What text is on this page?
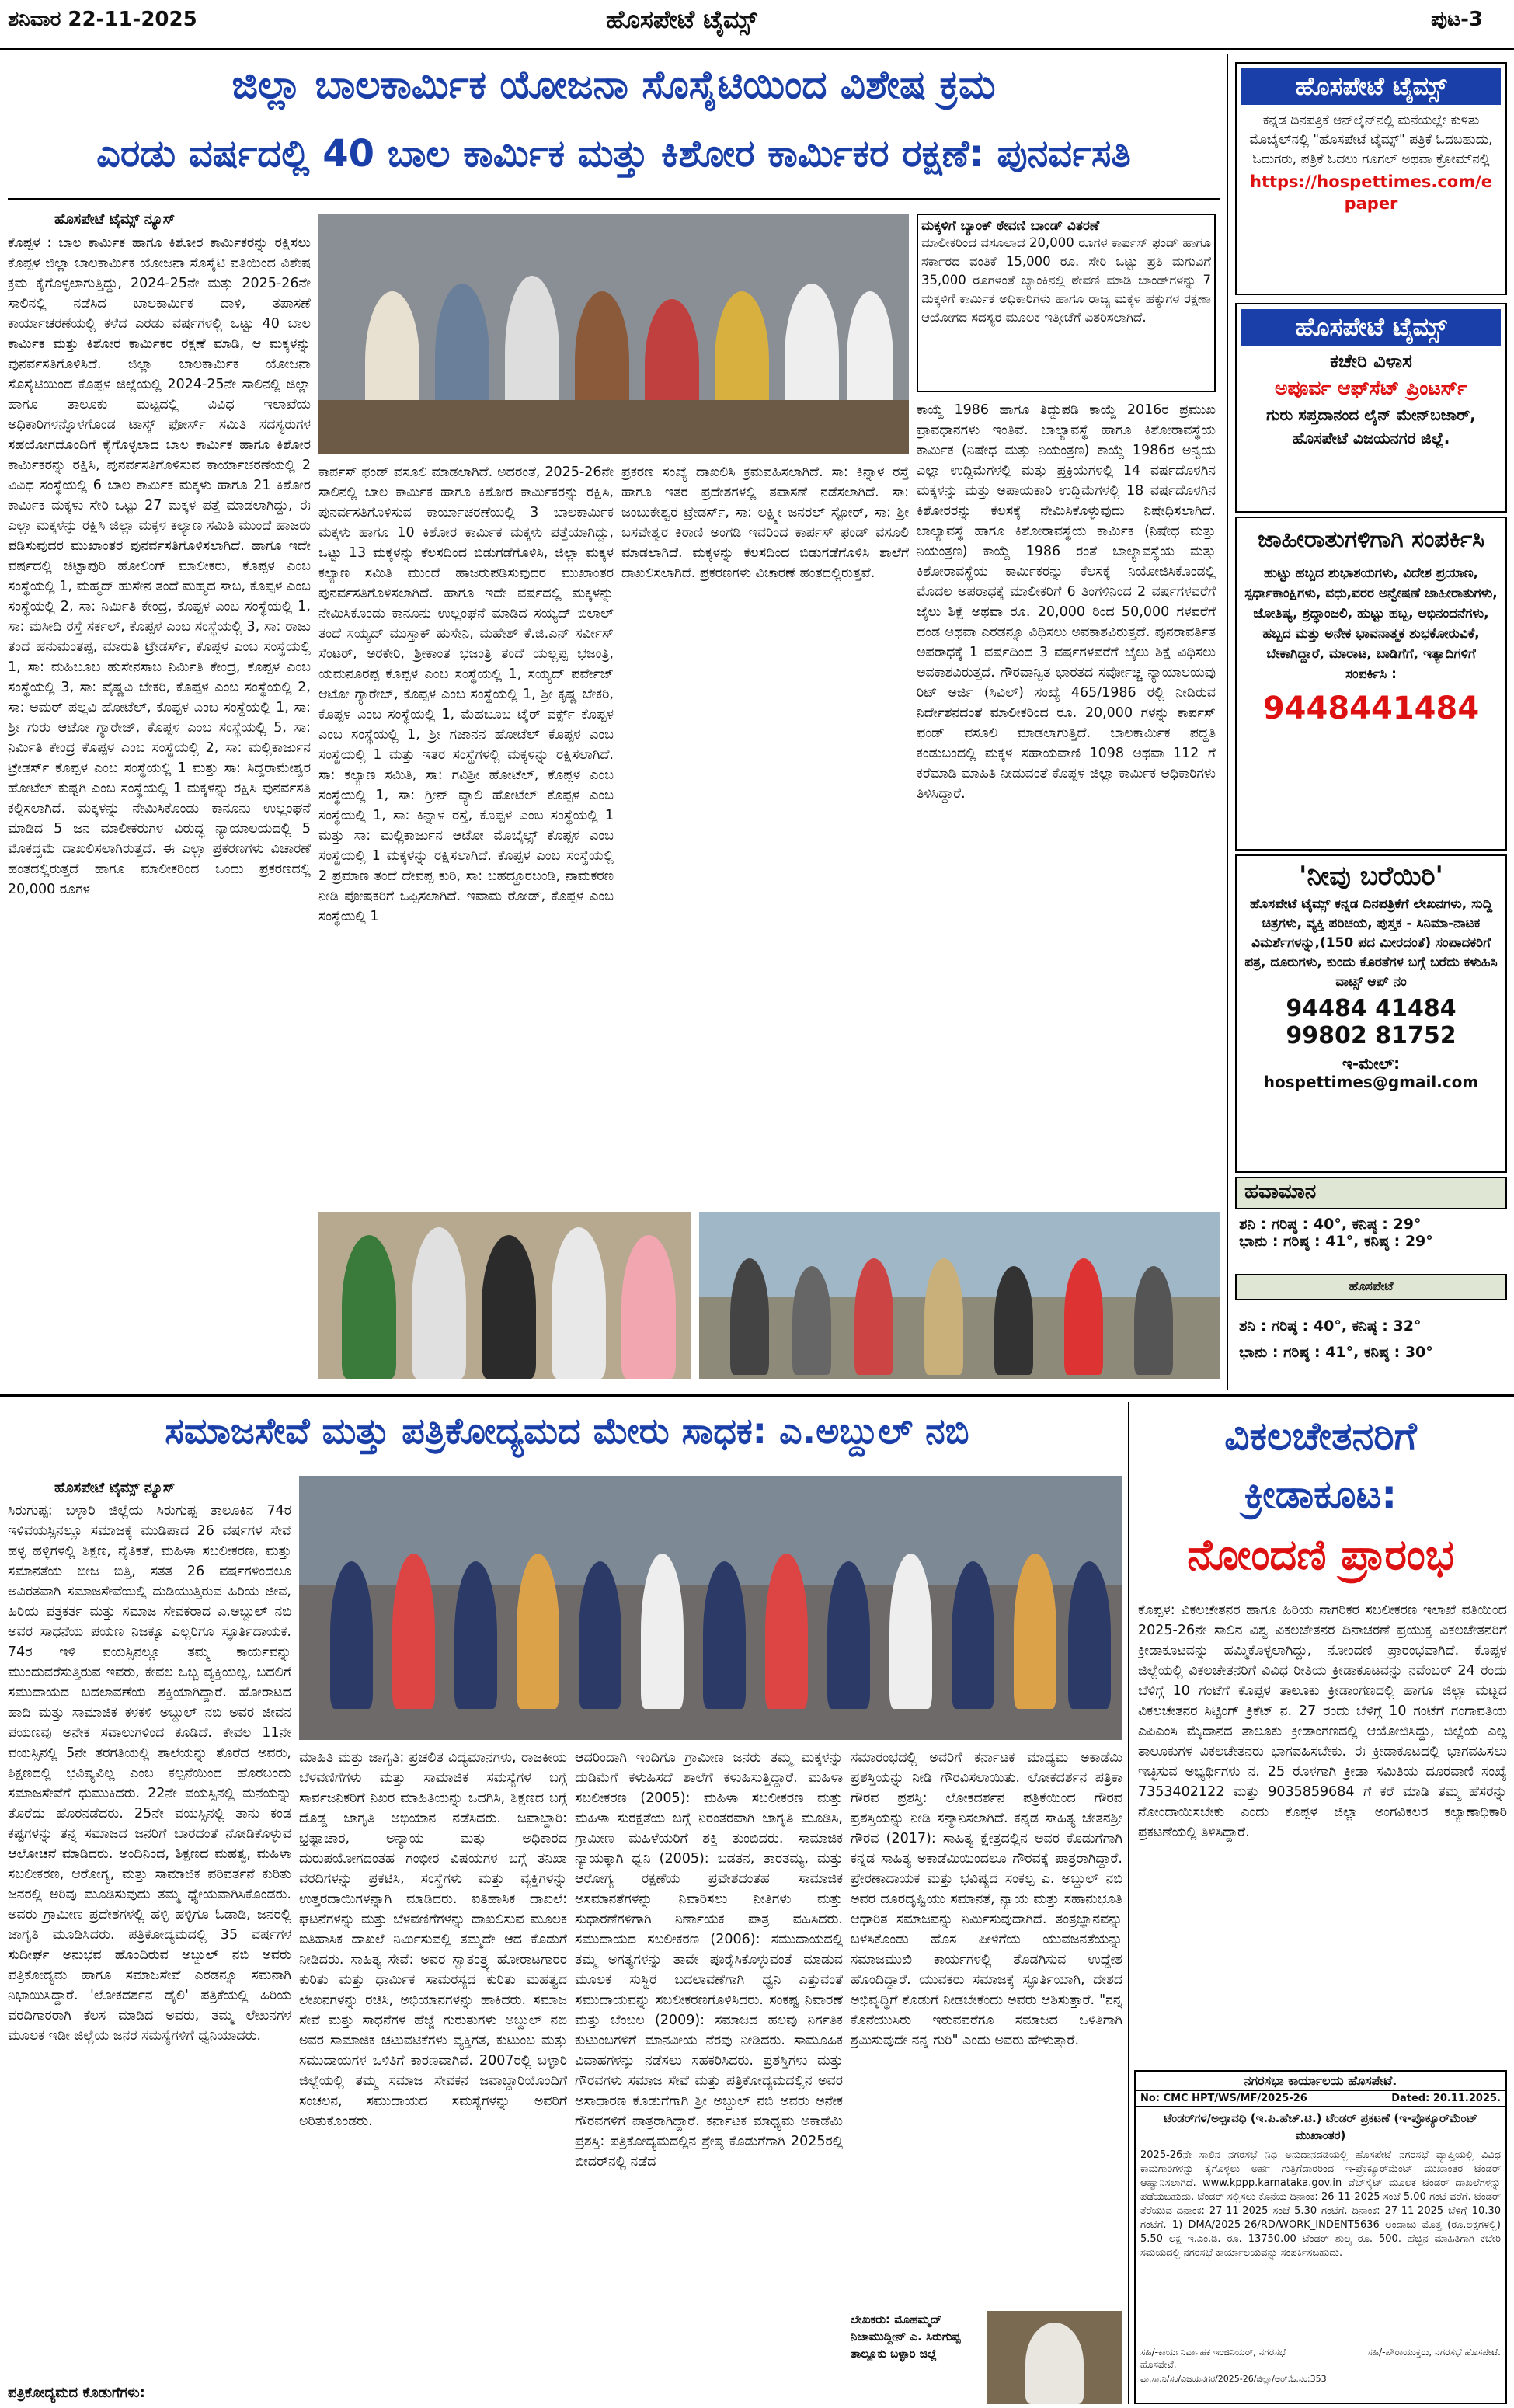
ಶನಿವಾರ 22-11-2025	ಹೊಸಪೇಟೆ ಟೈಮ್ಸ್	ಪುಟ-3
ಜಿಲ್ಲಾ ಬಾಲಕಾರ್ಮಿಕ ಯೋಜನಾ ಸೊಸೈಟಿಯಿಂದ ವಿಶೇಷ ಕ್ರಮ
ಎರಡು ವರ್ಷದಲ್ಲಿ 40 ಬಾಲ ಕಾರ್ಮಿಕ ಮತ್ತು ಕಿಶೋರ ಕಾರ್ಮಿಕರ ರಕ್ಷಣೆ: ಪುನರ್ವಸತಿ
ಹೊಸಪೇಟೆ ಟೈಮ್ಸ್ ನ್ಯೂಸ್
ಕೊಪ್ಪಳ : ಬಾಲ ಕಾರ್ಮಿಕ ಹಾಗೂ ಕಿಶೋರ ಕಾರ್ಮಿಕರನ್ನು ರಕ್ಷಿಸಲು ಕೊಪ್ಪಳ ಜಿಲ್ಲಾ ಬಾಲಕಾರ್ಮಿಕ ಯೋಜನಾ ಸೊಸೈಟಿ ವತಿಯಿಂದ ವಿಶೇಷ ಕ್ರಮ ಕೈಗೊಳ್ಳಲಾಗುತ್ತಿದ್ದು, 2024-25ನೇ ಮತ್ತು 2025-26ನೇ ಸಾಲಿನಲ್ಲಿ ನಡೆಸಿದ ಬಾಲಕಾರ್ಮಿಕ ದಾಳಿ, ತಪಾಸಣೆ ಕಾರ್ಯಾಚರಣೆಯಲ್ಲಿ ಕಳೆದ ಎರಡು ವರ್ಷಗಳಲ್ಲಿ ಒಟ್ಟು 40 ಬಾಲ ಕಾರ್ಮಿಕ ಮತ್ತು ಕಿಶೋರ ಕಾರ್ಮಿಕರ ರಕ್ಷಣೆ ಮಾಡಿ, ಆ ಮಕ್ಕಳನ್ನು ಪುನರ್ವಸತಿಗೊಳಿಸಿದೆ. ಜಿಲ್ಲಾ ಬಾಲಕಾರ್ಮಿಕ ಯೋಜನಾ ಸೊಸೈಟಿಯಿಂದ ಕೊಪ್ಪಳ ಜಿಲ್ಲೆಯಲ್ಲಿ 2024-25ನೇ ಸಾಲಿನಲ್ಲಿ ಜಿಲ್ಲಾ ಹಾಗೂ ತಾಲೂಕು ಮಟ್ಟದಲ್ಲಿ ವಿವಿಧ ಇಲಾಖೆಯ ಅಧಿಕಾರಿಗಳನ್ನೊಳಗೊಂಡ ಟಾಸ್ಕ್ ಫೋರ್ಸ್ ಸಮಿತಿ ಸದಸ್ಯರುಗಳ ಸಹಯೋಗದೊಂದಿಗೆ ಕೈಗೊಳ್ಳಲಾದ ಬಾಲ ಕಾರ್ಮಿಕ ಹಾಗೂ ಕಿಶೋರ ಕಾರ್ಮಿಕರನ್ನು ರಕ್ಷಿಸಿ, ಪುನರ್ವಸತಿಗೊಳಿಸುವ ಕಾರ್ಯಾಚರಣೆಯಲ್ಲಿ 2 ವಿವಿಧ ಸಂಸ್ಥೆಯಲ್ಲಿ 6 ಬಾಲ ಕಾರ್ಮಿಕ ಮಕ್ಕಳು ಹಾಗೂ 21 ಕಿಶೋರ ಕಾರ್ಮಿಕ ಮಕ್ಕಳು ಸೇರಿ ಒಟ್ಟು 27 ಮಕ್ಕಳ ಪತ್ತೆ ಮಾಡಲಾಗಿದ್ದು, ಈ ಎಲ್ಲಾ ಮಕ್ಕಳನ್ನು ರಕ್ಷಿಸಿ ಜಿಲ್ಲಾ ಮಕ್ಕಳ ಕಲ್ಯಾಣ ಸಮಿತಿ ಮುಂದೆ ಹಾಜರು ಪಡಿಸುವುದರ ಮುಖಾಂತರ ಪುನರ್ವಸತಿಗೊಳಿಸಲಾಗಿದೆ. ಹಾಗೂ ಇದೇ ವರ್ಷದಲ್ಲಿ ಚಿಟ್ಟಾಪುರಿ ಹೋಲಿಂಗ್ ಮಾಲೀಕರು, ಕೊಪ್ಪಳ ಎಂಬ ಸಂಸ್ಥೆಯಲ್ಲಿ 1, ಮಹ್ಮದ್ ಹುಸೇನ ತಂದೆ ಮಹ್ಮದ ಸಾಬ, ಕೊಪ್ಪಳ ಎಂಬ ಸಂಸ್ಥೆಯಲ್ಲಿ 2, ಸಾ: ನಿರ್ಮಿತಿ ಕೇಂದ್ರ, ಕೊಪ್ಪಳ ಎಂಬ ಸಂಸ್ಥೆಯಲ್ಲಿ 1, ಸಾ: ಮಸೀದಿ ರಸ್ತೆ ಸರ್ಕಲ್, ಕೊಪ್ಪಳ ಎಂಬ ಸಂಸ್ಥೆಯಲ್ಲಿ 3, ಸಾ: ರಾಜು ತಂದೆ ಹನುಮಂತಪ್ಪ, ಮಾರುತಿ ಟ್ರೇಡರ್ಸ್, ಕೊಪ್ಪಳ ಎಂಬ ಸಂಸ್ಥೆಯಲ್ಲಿ 1, ಸಾ: ಮಹಿಬೂಬ ಹುಸೇನಸಾಬ ನಿರ್ಮಿತಿ ಕೇಂದ್ರ, ಕೊಪ್ಪಳ ಎಂಬ ಸಂಸ್ಥೆಯಲ್ಲಿ 3, ಸಾ: ವೈಷ್ಣವಿ ಬೇಕರಿ, ಕೊಪ್ಪಳ ಎಂಬ ಸಂಸ್ಥೆಯಲ್ಲಿ 2, ಸಾ: ಅಮರ್ ಪಲ್ಲವಿ ಹೋಟೆಲ್, ಕೊಪ್ಪಳ ಎಂಬ ಸಂಸ್ಥೆಯಲ್ಲಿ 1, ಸಾ: ಶ್ರೀ ಗುರು ಆಟೋ ಗ್ಯಾರೇಜ್, ಕೊಪ್ಪಳ ಎಂಬ ಸಂಸ್ಥೆಯಲ್ಲಿ 5, ಸಾ: ನಿರ್ಮಿತಿ ಕೇಂದ್ರ ಕೊಪ್ಪಳ ಎಂಬ ಸಂಸ್ಥೆಯಲ್ಲಿ 2, ಸಾ: ಮಲ್ಲಿಕಾರ್ಜುನ ಟ್ರೇಡರ್ಸ್ ಕೊಪ್ಪಳ ಎಂಬ ಸಂಸ್ಥೆಯಲ್ಲಿ 1 ಮತ್ತು ಸಾ: ಸಿದ್ದರಾಮೇಶ್ವರ ಹೋಟೆಲ್ ಕುಷ್ಟಗಿ ಎಂಬ ಸಂಸ್ಥೆಯಲ್ಲಿ 1 ಮಕ್ಕಳನ್ನು ರಕ್ಷಿಸಿ ಪುನರ್ವಸತಿ ಕಲ್ಪಿಸಲಾಗಿದೆ. ಮಕ್ಕಳನ್ನು ನೇಮಿಸಿಕೊಂಡು ಕಾನೂನು ಉಲ್ಲಂಘನೆ ಮಾಡಿದ 5 ಜನ ಮಾಲೀಕರುಗಳ ವಿರುದ್ಧ ನ್ಯಾಯಾಲಯದಲ್ಲಿ 5 ಮೊಕದ್ದಮೆ ದಾಖಲಿಸಲಾಗಿರುತ್ತದೆ. ಈ ಎಲ್ಲಾ ಪ್ರಕರಣಗಳು ವಿಚಾರಣೆ ಹಂತದಲ್ಲಿರುತ್ತದೆ ಹಾಗೂ ಮಾಲೀಕರಿಂದ ಒಂದು ಪ್ರಕರಣದಲ್ಲಿ 20,000 ರೂಗಳ
ಕಾರ್ಪಸ್ ಫಂಡ್ ವಸೂಲಿ ಮಾಡಲಾಗಿದೆ. ಅದರಂತೆ, 2025-26ನೇ ಸಾಲಿನಲ್ಲಿ ಬಾಲ ಕಾರ್ಮಿಕ ಹಾಗೂ ಕಿಶೋರ ಕಾರ್ಮಿಕರನ್ನು ರಕ್ಷಿಸಿ, ಪುನರ್ವಸತಿಗೊಳಿಸುವ ಕಾರ್ಯಾಚರಣೆಯಲ್ಲಿ 3 ಬಾಲಕಾರ್ಮಿಕ ಮಕ್ಕಳು ಹಾಗೂ 10 ಕಿಶೋರ ಕಾರ್ಮಿಕ ಮಕ್ಕಳು ಪತ್ತೆಯಾಗಿದ್ದು, ಒಟ್ಟು 13 ಮಕ್ಕಳನ್ನು ಕೆಲಸದಿಂದ ಬಿಡುಗಡೆಗೊಳಿಸಿ, ಜಿಲ್ಲಾ ಮಕ್ಕಳ ಕಲ್ಯಾಣ ಸಮಿತಿ ಮುಂದೆ ಹಾಜರುಪಡಿಸುವುದರ ಮುಖಾಂತರ ಪುನರ್ವಸತಿಗೊಳಿಸಲಾಗಿದೆ. ಹಾಗೂ ಇದೇ ವರ್ಷದಲ್ಲಿ ಮಕ್ಕಳನ್ನು ನೇಮಿಸಿಕೊಂಡು ಕಾನೂನು ಉಲ್ಲಂಘನೆ ಮಾಡಿದ ಸಯ್ಯದ್ ಬಿಲಾಲ್ ತಂದೆ ಸಯ್ಯದ್ ಮುಸ್ತಾಕ್ ಹುಸೇನಿ, ಮಹೇಶ್ ಕೆ.ಜಿ.ಎನ್ ಸರ್ವೀಸ್ ಸೆಂಟರ್, ಅರಕೇರಿ, ಶ್ರೀಕಾಂತ ಭಜಂತ್ರಿ ತಂದೆ ಯಲ್ಲಪ್ಪ ಭಜಂತ್ರಿ, ಯಮನೂರಪ್ಪ ಕೊಪ್ಪಳ ಎಂಬ ಸಂಸ್ಥೆಯಲ್ಲಿ 1, ಸಯ್ಯದ್ ಪರ್ವೇಜ್ ಆಟೋ ಗ್ಯಾರೇಜ್, ಕೊಪ್ಪಳ ಎಂಬ ಸಂಸ್ಥೆಯಲ್ಲಿ 1, ಶ್ರೀ ಕೃಷ್ಣ ಬೇಕರಿ, ಕೊಪ್ಪಳ ಎಂಬ ಸಂಸ್ಥೆಯಲ್ಲಿ 1, ಮೆಹಬೂಬ ಟೈರ್ ವರ್ಕ್ಸ್ ಕೊಪ್ಪಳ ಎಂಬ ಸಂಸ್ಥೆಯಲ್ಲಿ 1, ಶ್ರೀ ಗಜಾನನ ಹೋಟೆಲ್ ಕೊಪ್ಪಳ ಎಂಬ ಸಂಸ್ಥೆಯಲ್ಲಿ 1 ಮತ್ತು ಇತರ ಸಂಸ್ಥೆಗಳಲ್ಲಿ ಮಕ್ಕಳನ್ನು ರಕ್ಷಿಸಲಾಗಿದೆ. ಸಾ: ಕಲ್ಯಾಣ ಸಮಿತಿ, ಸಾ: ಗವಿಶ್ರೀ ಹೋಟೆಲ್, ಕೊಪ್ಪಳ ಎಂಬ ಸಂಸ್ಥೆಯಲ್ಲಿ 1, ಸಾ: ಗ್ರೀನ್ ವ್ಯಾಲಿ ಹೋಟೆಲ್ ಕೊಪ್ಪಳ ಎಂಬ ಸಂಸ್ಥೆಯಲ್ಲಿ 1, ಸಾ: ಕಿನ್ನಾಳ ರಸ್ತೆ, ಕೊಪ್ಪಳ ಎಂಬ ಸಂಸ್ಥೆಯಲ್ಲಿ 1 ಮತ್ತು ಸಾ: ಮಲ್ಲಿಕಾರ್ಜುನ ಆಟೋ ಮೊಬೈಲ್ಸ್ ಕೊಪ್ಪಳ ಎಂಬ ಸಂಸ್ಥೆಯಲ್ಲಿ 1 ಮಕ್ಕಳನ್ನು ರಕ್ಷಿಸಲಾಗಿದೆ. ಕೊಪ್ಪಳ ಎಂಬ ಸಂಸ್ಥೆಯಲ್ಲಿ 2 ಪ್ರಮಾಣ ತಂದೆ ದೇವಪ್ಪ ಕುರಿ, ಸಾ: ಬಹದ್ದೂರಬಂಡಿ, ನಾಮಕರಣ ನೀಡಿ ಪೋಷಕರಿಗೆ ಒಪ್ಪಿಸಲಾಗಿದೆ. ಇವಾಮ ರೋಡ್, ಕೊಪ್ಪಳ ಎಂಬ ಸಂಸ್ಥೆಯಲ್ಲಿ 1
ಪ್ರಕರಣ ಸಂಖ್ಯೆ ದಾಖಲಿಸಿ ಕ್ರಮವಹಿಸಲಾಗಿದೆ. ಸಾ: ಕಿನ್ನಾಳ ರಸ್ತೆ ಹಾಗೂ ಇತರ ಪ್ರದೇಶಗಳಲ್ಲಿ ತಪಾಸಣೆ ನಡೆಸಲಾಗಿದೆ. ಸಾ: ಜಂಬುಕೇಶ್ವರ ಟ್ರೇಡರ್ಸ್, ಸಾ: ಲಕ್ಷ್ಮೀ ಜನರಲ್ ಸ್ಟೋರ್, ಸಾ: ಶ್ರೀ ಬಸವೇಶ್ವರ ಕಿರಾಣಿ ಅಂಗಡಿ ಇವರಿಂದ ಕಾರ್ಪಸ್ ಫಂಡ್ ವಸೂಲಿ ಮಾಡಲಾಗಿದೆ. ಮಕ್ಕಳನ್ನು ಕೆಲಸದಿಂದ ಬಿಡುಗಡೆಗೊಳಿಸಿ ಶಾಲೆಗೆ ದಾಖಲಿಸಲಾಗಿದೆ. ಪ್ರಕರಣಗಳು ವಿಚಾರಣೆ ಹಂತದಲ್ಲಿರುತ್ತವೆ.
ಮಕ್ಕಳಿಗೆ ಬ್ಯಾಂಕ್ ಠೇವಣಿ ಬಾಂಡ್ ವಿತರಣೆ
ಮಾಲೀಕರಿಂದ ವಸೂಲಾದ 20,000 ರೂಗಳ ಕಾರ್ಪಸ್ ಫಂಡ್ ಹಾಗೂ ಸರ್ಕಾರದ ವಂತಿಕೆ 15,000 ರೂ. ಸೇರಿ ಒಟ್ಟು ಪ್ರತಿ ಮಗುವಿಗೆ 35,000 ರೂಗಳಂತೆ ಬ್ಯಾಂಕಿನಲ್ಲಿ ಠೇವಣಿ ಮಾಡಿ ಬಾಂಡ್‌ಗಳನ್ನು 7 ಮಕ್ಕಳಿಗೆ ಕಾರ್ಮಿಕ ಅಧಿಕಾರಿಗಳು ಹಾಗೂ ರಾಜ್ಯ ಮಕ್ಕಳ ಹಕ್ಕುಗಳ ರಕ್ಷಣಾ ಆಯೋಗದ ಸದಸ್ಯರ ಮೂಲಕ ಇತ್ತೀಚೆಗೆ ವಿತರಿಸಲಾಗಿದೆ.
ಕಾಯ್ದೆ 1986 ಹಾಗೂ ತಿದ್ದುಪಡಿ ಕಾಯ್ದೆ 2016ರ ಪ್ರಮುಖ ಪ್ರಾವಧಾನಗಳು ಇಂತಿವೆ. ಬಾಲ್ಯಾವಸ್ಥೆ ಹಾಗೂ ಕಿಶೋರಾವಸ್ಥೆಯ ಕಾರ್ಮಿಕ (ನಿಷೇಧ ಮತ್ತು ನಿಯಂತ್ರಣ) ಕಾಯ್ದೆ 1986ರ ಅನ್ವಯ ಎಲ್ಲಾ ಉದ್ದಿಮೆಗಳಲ್ಲಿ ಮತ್ತು ಪ್ರಕ್ರಿಯೆಗಳಲ್ಲಿ 14 ವರ್ಷದೊಳಗಿನ ಮಕ್ಕಳನ್ನು ಮತ್ತು ಅಪಾಯಕಾರಿ ಉದ್ದಿಮೆಗಳಲ್ಲಿ 18 ವರ್ಷದೊಳಗಿನ ಕಿಶೋರರನ್ನು ಕೆಲಸಕ್ಕೆ ನೇಮಿಸಿಕೊಳ್ಳುವುದು ನಿಷೇಧಿಸಲಾಗಿದೆ. ಬಾಲ್ಯಾವಸ್ಥೆ ಹಾಗೂ ಕಿಶೋರಾವಸ್ಥೆಯ ಕಾರ್ಮಿಕ (ನಿಷೇಧ ಮತ್ತು ನಿಯಂತ್ರಣ) ಕಾಯ್ದೆ 1986 ರಂತೆ ಬಾಲ್ಯಾವಸ್ಥೆಯ ಮತ್ತು ಕಿಶೋರಾವಸ್ಥೆಯ ಕಾರ್ಮಿಕರನ್ನು ಕೆಲಸಕ್ಕೆ ನಿಯೋಜಿಸಿಕೊಂಡಲ್ಲಿ ಮೊದಲ ಅಪರಾಧಕ್ಕೆ ಮಾಲೀಕರಿಗೆ 6 ತಿಂಗಳಿನಿಂದ 2 ವರ್ಷಗಳವರೆಗೆ ಜೈಲು ಶಿಕ್ಷೆ ಅಥವಾ ರೂ. 20,000 ರಿಂದ 50,000 ಗಳವರೆಗೆ ದಂಡ ಅಥವಾ ಎರಡನ್ನೂ ವಿಧಿಸಲು ಅವಕಾಶವಿರುತ್ತದೆ. ಪುನರಾವರ್ತಿತ ಅಪರಾಧಕ್ಕೆ 1 ವರ್ಷದಿಂದ 3 ವರ್ಷಗಳವರೆಗೆ ಜೈಲು ಶಿಕ್ಷೆ ವಿಧಿಸಲು ಅವಕಾಶವಿರುತ್ತದೆ. ಗೌರವಾನ್ವಿತ ಭಾರತದ ಸರ್ವೋಚ್ಚ ನ್ಯಾಯಾಲಯವು ರಿಟ್ ಅರ್ಜಿ (ಸಿವಿಲ್) ಸಂಖ್ಯೆ 465/1986 ರಲ್ಲಿ ನೀಡಿರುವ ನಿರ್ದೇಶನದಂತೆ ಮಾಲೀಕರಿಂದ ರೂ. 20,000 ಗಳನ್ನು ಕಾರ್ಪಸ್ ಫಂಡ್ ವಸೂಲಿ ಮಾಡಲಾಗುತ್ತಿದೆ. ಬಾಲಕಾರ್ಮಿಕ ಪದ್ಧತಿ ಕಂಡುಬಂದಲ್ಲಿ ಮಕ್ಕಳ ಸಹಾಯವಾಣಿ 1098 ಅಥವಾ 112 ಗೆ ಕರೆಮಾಡಿ ಮಾಹಿತಿ ನೀಡುವಂತೆ ಕೊಪ್ಪಳ ಜಿಲ್ಲಾ ಕಾರ್ಮಿಕ ಅಧಿಕಾರಿಗಳು ತಿಳಿಸಿದ್ದಾರೆ.
ಹೊಸಪೇಟೆ ಟೈಮ್ಸ್
ಕನ್ನಡ ದಿನಪತ್ರಿಕೆ ಆನ್‌ಲೈನ್‌ನಲ್ಲಿ ಮನೆಯಲ್ಲೇ ಕುಳಿತು ಮೊಬೈಲ್‌ನಲ್ಲಿ "ಹೊಸಪೇಟೆ ಟೈಮ್ಸ್" ಪತ್ರಿಕೆ ಓದಬಹುದು, ಓದುಗರು, ಪತ್ರಿಕೆ ಓದಲು ಗೂಗಲ್ ಅಥವಾ ಕ್ರೋಮ್‌ನಲ್ಲಿ
https://hospettimes.com/epaper
ಹೊಸಪೇಟೆ ಟೈಮ್ಸ್
ಕಚೇರಿ ವಿಳಾಸ
ಅಪೂರ್ವ ಆಫ್‌ಸೆಟ್ ಪ್ರಿಂಟರ್ಸ್
ಗುರು ಸಪ್ತದಾನಂದ ಲೈನ್ ಮೇನ್‌ಬಜಾರ್, ಹೊಸಪೇಟೆ ವಿಜಯನಗರ ಜಿಲ್ಲೆ.
ಜಾಹೀರಾತುಗಳಿಗಾಗಿ ಸಂಪರ್ಕಿಸಿ
ಹುಟ್ಟು ಹಬ್ಬದ ಶುಭಾಶಯಗಳು, ವಿದೇಶ ಪ್ರಯಾಣ, ಸ್ಪರ್ಧಾಕಾಂಕ್ಷಿಗಳು, ವಧು,ವರರ ಅನ್ವೇಷಣೆ ಜಾಹೀರಾತುಗಳು, ಜೋತಿಷ್ಯ, ಶ್ರದ್ಧಾಂಜಲಿ, ಹುಟ್ಟು ಹಬ್ಬ, ಅಭಿನಂದನೆಗಳು, ಹಬ್ಬದ ಮತ್ತು ಅನೇಕ ಭಾವನಾತ್ಮಕ ಶುಭಕೋರುವಿಕೆ, ಬೇಕಾಗಿದ್ದಾರೆ, ಮಾರಾಟ, ಬಾಡಿಗೆಗೆ, ಇತ್ಯಾದಿಗಳಿಗೆ ಸಂಪರ್ಕಿಸಿ :
9448441484
'ನೀವು ಬರೆಯಿರಿ'
ಹೊಸಪೇಟೆ ಟೈಮ್ಸ್ ಕನ್ನಡ ದಿನಪತ್ರಿಕೆಗೆ ಲೇಖನಗಳು, ಸುದ್ದಿ ಚಿತ್ರಗಳು, ವ್ಯಕ್ತಿ ಪರಿಚಯ, ಪುಸ್ತಕ - ಸಿನಿಮಾ-ನಾಟಕ ವಿಮರ್ಶೆಗಳನ್ನು,(150 ಪದ ಮೀರದಂತೆ) ಸಂಪಾದಕರಿಗೆ ಪತ್ರ, ದೂರುಗಳು, ಕುಂದು ಕೊರತೆಗಳ ಬಗ್ಗೆ ಬರೆದು ಕಳುಹಿಸಿ ವಾಟ್ಸ್ ಆಪ್ ನಂ
94484 41484
99802 81752
ಇ-ಮೇಲ್: hospettimes@gmail.com
ಹವಾಮಾನ
ಶನಿ : ಗರಿಷ್ಠ : 40°, ಕನಿಷ್ಠ : 29°
ಭಾನು : ಗರಿಷ್ಠ : 41°, ಕನಿಷ್ಠ : 29°
ಹೊಸಪೇಟೆ
ಶನಿ : ಗರಿಷ್ಠ : 40°, ಕನಿಷ್ಠ : 32°
ಭಾನು : ಗರಿಷ್ಠ : 41°, ಕನಿಷ್ಠ : 30°
ಸಮಾಜಸೇವೆ ಮತ್ತು ಪತ್ರಿಕೋದ್ಯಮದ ಮೇರು ಸಾಧಕ: ಎ.ಅಬ್ದುಲ್ ನಬಿ
ಹೊಸಪೇಟೆ ಟೈಮ್ಸ್ ನ್ಯೂಸ್
ಸಿರುಗುಪ್ಪ: ಬಳ್ಳಾರಿ ಜಿಲ್ಲೆಯ ಸಿರುಗುಪ್ಪ ತಾಲೂಕಿನ 74ರ ಇಳಿವಯಸ್ಸಿನಲ್ಲೂ ಸಮಾಜಕ್ಕೆ ಮುಡಿಪಾದ 26 ವರ್ಷಗಳ ಸೇವೆ ಹಳ್ಳ ಹಳ್ಳಿಗಳಲ್ಲಿ ಶಿಕ್ಷಣ, ನೈತಿಕತೆ, ಮಹಿಳಾ ಸಬಲೀಕರಣ, ಮತ್ತು ಸಮಾನತೆಯ ಬೀಜ ಬಿತ್ತಿ, ಸತತ 26 ವರ್ಷಗಳಿಂದಲೂ ಅವಿರತವಾಗಿ ಸಮಾಜಸೇವೆಯಲ್ಲಿ ದುಡಿಯುತ್ತಿರುವ ಹಿರಿಯ ಜೀವ, ಹಿರಿಯ ಪತ್ರಕರ್ತ ಮತ್ತು ಸಮಾಜ ಸೇವಕರಾದ ಎ.ಅಬ್ದುಲ್ ನಬಿ ಅವರ ಸಾಧನೆಯ ಪಯಣ ನಿಜಕ್ಕೂ ಎಲ್ಲರಿಗೂ ಸ್ಫೂರ್ತಿದಾಯಕ. 74ರ ಇಳಿ ವಯಸ್ಸಿನಲ್ಲೂ ತಮ್ಮ ಕಾರ್ಯವನ್ನು ಮುಂದುವರೆಸುತ್ತಿರುವ ಇವರು, ಕೇವಲ ಒಬ್ಬ ವ್ಯಕ್ತಿಯಲ್ಲ, ಬದಲಿಗೆ ಸಮುದಾಯದ ಬದಲಾವಣೆಯ ಶಕ್ತಿಯಾಗಿದ್ದಾರೆ. ಹೋರಾಟದ ಹಾದಿ ಮತ್ತು ಸಾಮಾಜಿಕ ಕಳಕಳಿ ಅಬ್ದುಲ್ ನಬಿ ಅವರ ಜೀವನ ಪಯಣವು ಅನೇಕ ಸವಾಲುಗಳಿಂದ ಕೂಡಿದೆ. ಕೇವಲ 11ನೇ ವಯಸ್ಸಿನಲ್ಲಿ 5ನೇ ತರಗತಿಯಲ್ಲಿ ಶಾಲೆಯನ್ನು ತೊರೆದ ಅವರು, ಶಿಕ್ಷಣದಲ್ಲಿ ಭವಿಷ್ಯವಿಲ್ಲ ಎಂಬ ಕಲ್ಪನೆಯಿಂದ ಹೊರಬಂದು ಸಮಾಜಸೇವೆಗೆ ಧುಮುಕಿದರು. 22ನೇ ವಯಸ್ಸಿನಲ್ಲಿ ಮನೆಯನ್ನು ತೊರೆದು ಹೊರನಡೆದರು. 25ನೇ ವಯಸ್ಸಿನಲ್ಲಿ ತಾನು ಕಂಡ ಕಷ್ಟಗಳನ್ನು ತನ್ನ ಸಮಾಜದ ಜನರಿಗೆ ಬಾರದಂತೆ ನೋಡಿಕೊಳ್ಳುವ ಆಲೋಚನೆ ಮಾಡಿದರು. ಅಂದಿನಿಂದ, ಶಿಕ್ಷಣದ ಮಹತ್ವ, ಮಹಿಳಾ ಸಬಲೀಕರಣ, ಆರೋಗ್ಯ, ಮತ್ತು ಸಾಮಾಜಿಕ ಪರಿವರ್ತನೆ ಕುರಿತು ಜನರಲ್ಲಿ ಅರಿವು ಮೂಡಿಸುವುದು ತಮ್ಮ ಧ್ಯೇಯವಾಗಿಸಿಕೊಂಡರು. ಅವರು ಗ್ರಾಮೀಣ ಪ್ರದೇಶಗಳಲ್ಲಿ ಹಳ್ಳಿ ಹಳ್ಳಿಗೂ ಓಡಾಡಿ, ಜನರಲ್ಲಿ ಜಾಗೃತಿ ಮೂಡಿಸಿದರು. ಪತ್ರಿಕೋದ್ಯಮದಲ್ಲಿ 35 ವರ್ಷಗಳ ಸುದೀರ್ಘ ಅನುಭವ ಹೊಂದಿರುವ ಅಬ್ದುಲ್ ನಬಿ ಅವರು ಪತ್ರಿಕೋದ್ಯಮ ಹಾಗೂ ಸಮಾಜಸೇವೆ ಎರಡನ್ನೂ ಸಮನಾಗಿ ನಿಭಾಯಿಸಿದ್ದಾರೆ. 'ಲೋಕದರ್ಶನ ಡೈಲಿ' ಪತ್ರಿಕೆಯಲ್ಲಿ ಹಿರಿಯ ವರದಿಗಾರರಾಗಿ ಕೆಲಸ ಮಾಡಿದ ಅವರು, ತಮ್ಮ ಲೇಖನಗಳ ಮೂಲಕ ಇಡೀ ಜಿಲ್ಲೆಯ ಜನರ ಸಮಸ್ಯೆಗಳಿಗೆ ಧ್ವನಿಯಾದರು.
ಪತ್ರಿಕೋದ್ಯಮದ ಕೊಡುಗೆಗಳು:
ಮಾಹಿತಿ ಮತ್ತು ಜಾಗೃತಿ: ಪ್ರಚಲಿತ ವಿದ್ಯಮಾನಗಳು, ರಾಜಕೀಯ ಬೆಳವಣಿಗೆಗಳು ಮತ್ತು ಸಾಮಾಜಿಕ ಸಮಸ್ಯೆಗಳ ಬಗ್ಗೆ ಸಾರ್ವಜನಿಕರಿಗೆ ನಿಖರ ಮಾಹಿತಿಯನ್ನು ಒದಗಿಸಿ, ಶಿಕ್ಷಣದ ಬಗ್ಗೆ ದೊಡ್ಡ ಜಾಗೃತಿ ಅಭಿಯಾನ ನಡೆಸಿದರು. ಜವಾಬ್ದಾರಿ: ಭ್ರಷ್ಟಾಚಾರ, ಅನ್ಯಾಯ ಮತ್ತು ಅಧಿಕಾರದ ದುರುಪಯೋಗದಂತಹ ಗಂಭೀರ ವಿಷಯಗಳ ಬಗ್ಗೆ ತನಿಖಾ ವರದಿಗಳನ್ನು ಪ್ರಕಟಿಸಿ, ಸಂಸ್ಥೆಗಳು ಮತ್ತು ವ್ಯಕ್ತಿಗಳನ್ನು ಉತ್ತರದಾಯಿಗಳನ್ನಾಗಿ ಮಾಡಿದರು. ಐತಿಹಾಸಿಕ ದಾಖಲೆ: ಘಟನೆಗಳನ್ನು ಮತ್ತು ಬೆಳವಣಿಗೆಗಳನ್ನು ದಾಖಲಿಸುವ ಮೂಲಕ ಐತಿಹಾಸಿಕ ದಾಖಲೆ ನಿರ್ಮಿಸುವಲ್ಲಿ ತಮ್ಮದೇ ಆದ ಕೊಡುಗೆ ನೀಡಿದರು. ಸಾಹಿತ್ಯ ಸೇವೆ: ಅವರ ಸ್ವಾತಂತ್ರ್ಯ ಹೋರಾಟಗಾರರ ಕುರಿತು ಮತ್ತು ಧಾರ್ಮಿಕ ಸಾಮರಸ್ಯದ ಕುರಿತು ಮಹತ್ವದ ಲೇಖನಗಳನ್ನು ರಚಿಸಿ, ಅಭಿಯಾನಗಳನ್ನು ಹಾಕಿದರು. ಸಮಾಜ ಸೇವೆ ಮತ್ತು ಸಾಧನೆಗಳ ಹೆಜ್ಜೆ ಗುರುತುಗಳು ಅಬ್ದುಲ್ ನಬಿ ಅವರ ಸಾಮಾಜಿಕ ಚಟುವಟಿಕೆಗಳು ವ್ಯಕ್ತಿಗತ, ಕುಟುಂಬ ಮತ್ತು ಸಮುದಾಯಗಳ ಒಳಿತಿಗೆ ಕಾರಣವಾಗಿವೆ. 2007ರಲ್ಲಿ ಬಳ್ಳಾರಿ ಜಿಲ್ಲೆಯಲ್ಲಿ ತಮ್ಮ ಸಮಾಜ ಸೇವಕನ ಜವಾಬ್ದಾರಿಯೊಂದಿಗೆ ಸಂಚಲನ, ಸಮುದಾಯದ ಸಮಸ್ಯೆಗಳನ್ನು ಅವರಿಗೆ ಅರಿತುಕೊಂಡರು.
ಆದರಿಂದಾಗಿ ಇಂದಿಗೂ ಗ್ರಾಮೀಣ ಜನರು ತಮ್ಮ ಮಕ್ಕಳನ್ನು ದುಡಿಮೆಗೆ ಕಳುಹಿಸದೆ ಶಾಲೆಗೆ ಕಳುಹಿಸುತ್ತಿದ್ದಾರೆ. ಮಹಿಳಾ ಸಬಲೀಕರಣ (2005): ಮಹಿಳಾ ಸಬಲೀಕರಣ ಮತ್ತು ಮಹಿಳಾ ಸುರಕ್ಷತೆಯ ಬಗ್ಗೆ ನಿರಂತರವಾಗಿ ಜಾಗೃತಿ ಮೂಡಿಸಿ, ಗ್ರಾಮೀಣ ಮಹಿಳೆಯರಿಗೆ ಶಕ್ತಿ ತುಂಬಿದರು. ಸಾಮಾಜಿಕ ನ್ಯಾಯಕ್ಕಾಗಿ ಧ್ವನಿ (2005): ಬಡತನ, ತಾರತಮ್ಯ, ಮತ್ತು ಆರೋಗ್ಯ ರಕ್ಷಣೆಯ ಪ್ರವೇಶದಂತಹ ಸಾಮಾಜಿಕ ಅಸಮಾನತೆಗಳನ್ನು ನಿವಾರಿಸಲು ನೀತಿಗಳು ಮತ್ತು ಸುಧಾರಣೆಗಳಿಗಾಗಿ ನಿರ್ಣಾಯಕ ಪಾತ್ರ ವಹಿಸಿದರು. ಸಮುದಾಯದ ಸಬಲೀಕರಣ (2006): ಸಮುದಾಯದಲ್ಲಿ ತಮ್ಮ ಅಗತ್ಯಗಳನ್ನು ತಾವೇ ಪೂರೈಸಿಕೊಳ್ಳುವಂತೆ ಮಾಡುವ ಮೂಲಕ ಸುಸ್ಥಿರ ಬದಲಾವಣೆಗಾಗಿ ಧ್ವನಿ ಎತ್ತುವಂತೆ ಸಮುದಾಯವನ್ನು ಸಬಲೀಕರಣಗೊಳಿಸಿದರು. ಸಂಕಷ್ಟ ನಿವಾರಣೆ ಮತ್ತು ಬೆಂಬಲ (2009): ಸಮಾಜದ ಹಲವು ನಿರ್ಗತಿಕ ಕುಟುಂಬಗಳಿಗೆ ಮಾನವೀಯ ನೆರವು ನೀಡಿದರು. ಸಾಮೂಹಿಕ ವಿವಾಹಗಳನ್ನು ನಡೆಸಲು ಸಹಕರಿಸಿದರು. ಪ್ರಶಸ್ತಿಗಳು ಮತ್ತು ಗೌರವಗಳು ಸಮಾಜ ಸೇವೆ ಮತ್ತು ಪತ್ರಿಕೋದ್ಯಮದಲ್ಲಿನ ಅವರ ಅಸಾಧಾರಣ ಕೊಡುಗೆಗಾಗಿ ಶ್ರೀ ಅಬ್ದುಲ್ ನಬಿ ಅವರು ಅನೇಕ ಗೌರವಗಳಿಗೆ ಪಾತ್ರರಾಗಿದ್ದಾರೆ. ಕರ್ನಾಟಕ ಮಾಧ್ಯಮ ಅಕಾಡೆಮಿ ಪ್ರಶಸ್ತಿ: ಪತ್ರಿಕೋದ್ಯಮದಲ್ಲಿನ ಶ್ರೇಷ್ಠ ಕೊಡುಗೆಗಾಗಿ 2025ರಲ್ಲಿ ಬೀದರ್‌ನಲ್ಲಿ ನಡೆದ
ಸಮಾರಂಭದಲ್ಲಿ ಅವರಿಗೆ ಕರ್ನಾಟಕ ಮಾಧ್ಯಮ ಅಕಾಡೆಮಿ ಪ್ರಶಸ್ತಿಯನ್ನು ನೀಡಿ ಗೌರವಿಸಲಾಯಿತು. ಲೋಕದರ್ಶನ ಪತ್ರಿಕಾ ಗೌರವ ಪ್ರಶಸ್ತಿ: ಲೋಕದರ್ಶನ ಪತ್ರಿಕೆಯಿಂದ ಗೌರವ ಪ್ರಶಸ್ತಿಯನ್ನು ನೀಡಿ ಸನ್ಮಾನಿಸಲಾಗಿದೆ. ಕನ್ನಡ ಸಾಹಿತ್ಯ ಚೇತನಶ್ರೀ ಗೌರವ (2017): ಸಾಹಿತ್ಯ ಕ್ಷೇತ್ರದಲ್ಲಿನ ಅವರ ಕೊಡುಗೆಗಾಗಿ ಕನ್ನಡ ಸಾಹಿತ್ಯ ಅಕಾಡೆಮಿಯಿಂದಲೂ ಗೌರವಕ್ಕೆ ಪಾತ್ರರಾಗಿದ್ದಾರೆ. ಪ್ರೇರಣಾದಾಯಕ ಮತ್ತು ಭವಿಷ್ಯದ ಸಂಕಲ್ಪ ಎ. ಅಬ್ದುಲ್ ನಬಿ ಅವರ ದೂರದೃಷ್ಟಿಯು ಸಮಾನತೆ, ನ್ಯಾಯ ಮತ್ತು ಸಹಾನುಭೂತಿ ಆಧಾರಿತ ಸಮಾಜವನ್ನು ನಿರ್ಮಿಸುವುದಾಗಿದೆ. ತಂತ್ರಜ್ಞಾನವನ್ನು ಬಳಸಿಕೊಂಡು ಹೊಸ ಪೀಳಿಗೆಯ ಯುವಜನತೆಯನ್ನು ಸಮಾಜಮುಖಿ ಕಾರ್ಯಗಳಲ್ಲಿ ತೊಡಗಿಸುವ ಉದ್ದೇಶ ಹೊಂದಿದ್ದಾರೆ. ಯುವಕರು ಸಮಾಜಕ್ಕೆ ಸ್ಫೂರ್ತಿಯಾಗಿ, ದೇಶದ ಅಭಿವೃದ್ಧಿಗೆ ಕೊಡುಗೆ ನೀಡಬೇಕೆಂದು ಅವರು ಆಶಿಸುತ್ತಾರೆ. "ನನ್ನ ಕೊನೆಯುಸಿರು ಇರುವವರೆಗೂ ಸಮಾಜದ ಒಳಿತಿಗಾಗಿ ಶ್ರಮಿಸುವುದೇ ನನ್ನ ಗುರಿ" ಎಂದು ಅವರು ಹೇಳುತ್ತಾರೆ.
ಲೇಖಕರು: ಮೊಹಮ್ಮದ್ ನಿಜಾಮುದ್ದೀನ್ ಎ. ಸಿರುಗುಪ್ಪ ತಾಲ್ಲೂಕು ಬಳ್ಳಾರಿ ಜಿಲ್ಲೆ
ವಿಕಲಚೇತನರಿಗೆ
ಕ್ರೀಡಾಕೂಟ:
ನೋಂದಣಿ ಪ್ರಾರಂಭ
ಕೊಪ್ಪಳ: ವಿಕಲಚೇತನರ ಹಾಗೂ ಹಿರಿಯ ನಾಗರಿಕರ ಸಬಲೀಕರಣ ಇಲಾಖೆ ವತಿಯಿಂದ 2025-26ನೇ ಸಾಲಿನ ವಿಶ್ವ ವಿಕಲಚೇತನರ ದಿನಾಚರಣೆ ಪ್ರಯುಕ್ತ ವಿಕಲಚೇತನರಿಗೆ ಕ್ರೀಡಾಕೂಟವನ್ನು ಹಮ್ಮಿಕೊಳ್ಳಲಾಗಿದ್ದು, ನೋಂದಣಿ ಪ್ರಾರಂಭವಾಗಿದೆ. ಕೊಪ್ಪಳ ಜಿಲ್ಲೆಯಲ್ಲಿ ವಿಕಲಚೇತನರಿಗೆ ವಿವಿಧ ರೀತಿಯ ಕ್ರೀಡಾಕೂಟವನ್ನು ನವೆಂಬರ್ 24 ರಂದು ಬೆಳಿಗ್ಗೆ 10 ಗಂಟೆಗೆ ಕೊಪ್ಪಳ ತಾಲೂಕು ಕ್ರೀಡಾಂಗಣದಲ್ಲಿ ಹಾಗೂ ಜಿಲ್ಲಾ ಮಟ್ಟದ ವಿಕಲಚೇತನರ ಸಿಟ್ಟಿಂಗ್ ಕ್ರಿಕೆಟ್ ನ. 27 ರಂದು ಬೆಳಿಗ್ಗೆ 10 ಗಂಟೆಗೆ ಗಂಗಾವತಿಯ ಎಪಿಎಂಸಿ ಮೈದಾನದ ತಾಲೂಕು ಕ್ರೀಡಾಂಗಣದಲ್ಲಿ ಆಯೋಜಿಸಿದ್ದು, ಜಿಲ್ಲೆಯ ಎಲ್ಲ ತಾಲೂಕುಗಳ ವಿಕಲಚೇತನರು ಭಾಗವಹಿಸಬೇಕು. ಈ ಕ್ರೀಡಾಕೂಟದಲ್ಲಿ ಭಾಗವಹಿಸಲು ಇಚ್ಛಿಸುವ ಅಭ್ಯರ್ಥಿಗಳು ನ. 25 ರೊಳಗಾಗಿ ಕ್ರೀಡಾ ಸಮಿತಿಯ ದೂರವಾಣಿ ಸಂಖ್ಯೆ 7353402122 ಮತ್ತು 9035859684 ಗೆ ಕರೆ ಮಾಡಿ ತಮ್ಮ ಹೆಸರನ್ನು ನೋಂದಾಯಿಸಬೇಕು ಎಂದು ಕೊಪ್ಪಳ ಜಿಲ್ಲಾ ಅಂಗವಿಕಲರ ಕಲ್ಯಾಣಾಧಿಕಾರಿ ಪ್ರಕಟಣೆಯಲ್ಲಿ ತಿಳಿಸಿದ್ದಾರೆ.
ನಗರಸಭಾ ಕಾರ್ಯಾಲಯ ಹೊಸಪೇಟೆ.
No: CMC HPT/WS/MF/2025-26	Dated: 20.11.2025.
ಟೆಂಡರ್‌ಗಳ/ಅಲ್ಪಾವಧಿ (ಇ.ಪಿ.ಹೆಚ್.ಟಿ.) ಟೆಂಡರ್ ಪ್ರಕಟಣೆ (ಇ-ಪ್ರೊಕ್ಯೂರ್‌ಮೆಂಟ್ ಮುಖಾಂತರ)
2025-26ನೇ ಸಾಲಿನ ನಗರಸಭೆ ನಿಧಿ ಅನುದಾನದಡಿಯಲ್ಲಿ ಹೊಸಪೇಟೆ ನಗರಸಭೆ ವ್ಯಾಪ್ತಿಯಲ್ಲಿ ವಿವಿಧ ಕಾಮಗಾರಿಗಳನ್ನು ಕೈಗೊಳ್ಳಲು ಅರ್ಹ ಗುತ್ತಿಗೆದಾರರಿಂದ ಇ-ಪ್ರೊಕ್ಯೂರ್‌ಮೆಂಟ್ ಮುಖಾಂತರ ಟೆಂಡರ್ ಆಹ್ವಾನಿಸಲಾಗಿದೆ. www.kppp.karnataka.gov.in ವೆಬ್‌ಸೈಟ್ ಮೂಲಕ ಟೆಂಡರ್ ದಾಖಲೆಗಳನ್ನು ಪಡೆಯಬಹುದು. ಟೆಂಡರ್ ಸಲ್ಲಿಸಲು ಕೊನೆಯ ದಿನಾಂಕ: 26-11-2025 ಸಂಜೆ 5.00 ಗಂಟೆ ವರೆಗೆ. ಟೆಂಡರ್ ತೆರೆಯುವ ದಿನಾಂಕ: 27-11-2025 ಸಂಜೆ 5.30 ಗಂಟೆಗೆ. ದಿನಾಂಕ: 27-11-2025 ಬೆಳಿಗ್ಗೆ 10.30 ಗಂಟೆಗೆ. 1) DMA/2025-26/RD/WORK_INDENT5636 ಅಂದಾಜು ಮೊತ್ತ (ರೂ.ಲಕ್ಷಗಳಲ್ಲಿ) 5.50 ಲಕ್ಷ ಇ.ಎಂ.ಡಿ. ರೂ. 13750.00 ಟೆಂಡರ್ ಶುಲ್ಕ ರೂ. 500. ಹೆಚ್ಚಿನ ಮಾಹಿತಿಗಾಗಿ ಕಚೇರಿ ಸಮಯದಲ್ಲಿ ನಗರಸಭೆ ಕಾರ್ಯಾಲಯವನ್ನು ಸಂಪರ್ಕಿಸಬಹುದು.
ಸಹಿ/-ಕಾರ್ಯನಿರ್ವಾಹಕ ಇಂಜಿನಿಯರ್, ನಗರಸಭೆ ಹೊಸಪೇಟೆ.
ಸಹಿ/-ಪೌರಾಯುಕ್ತರು, ನಗರಸಭೆ ಹೊಸಪೇಟೆ.
ವಾ.ಸಾ.ನಿ/ಸಂ/ವಿಜಯನಗರ/2025-26/ಜಿಲ್ಲಾ/ಆರ್.ಓ.ನಂ:353
